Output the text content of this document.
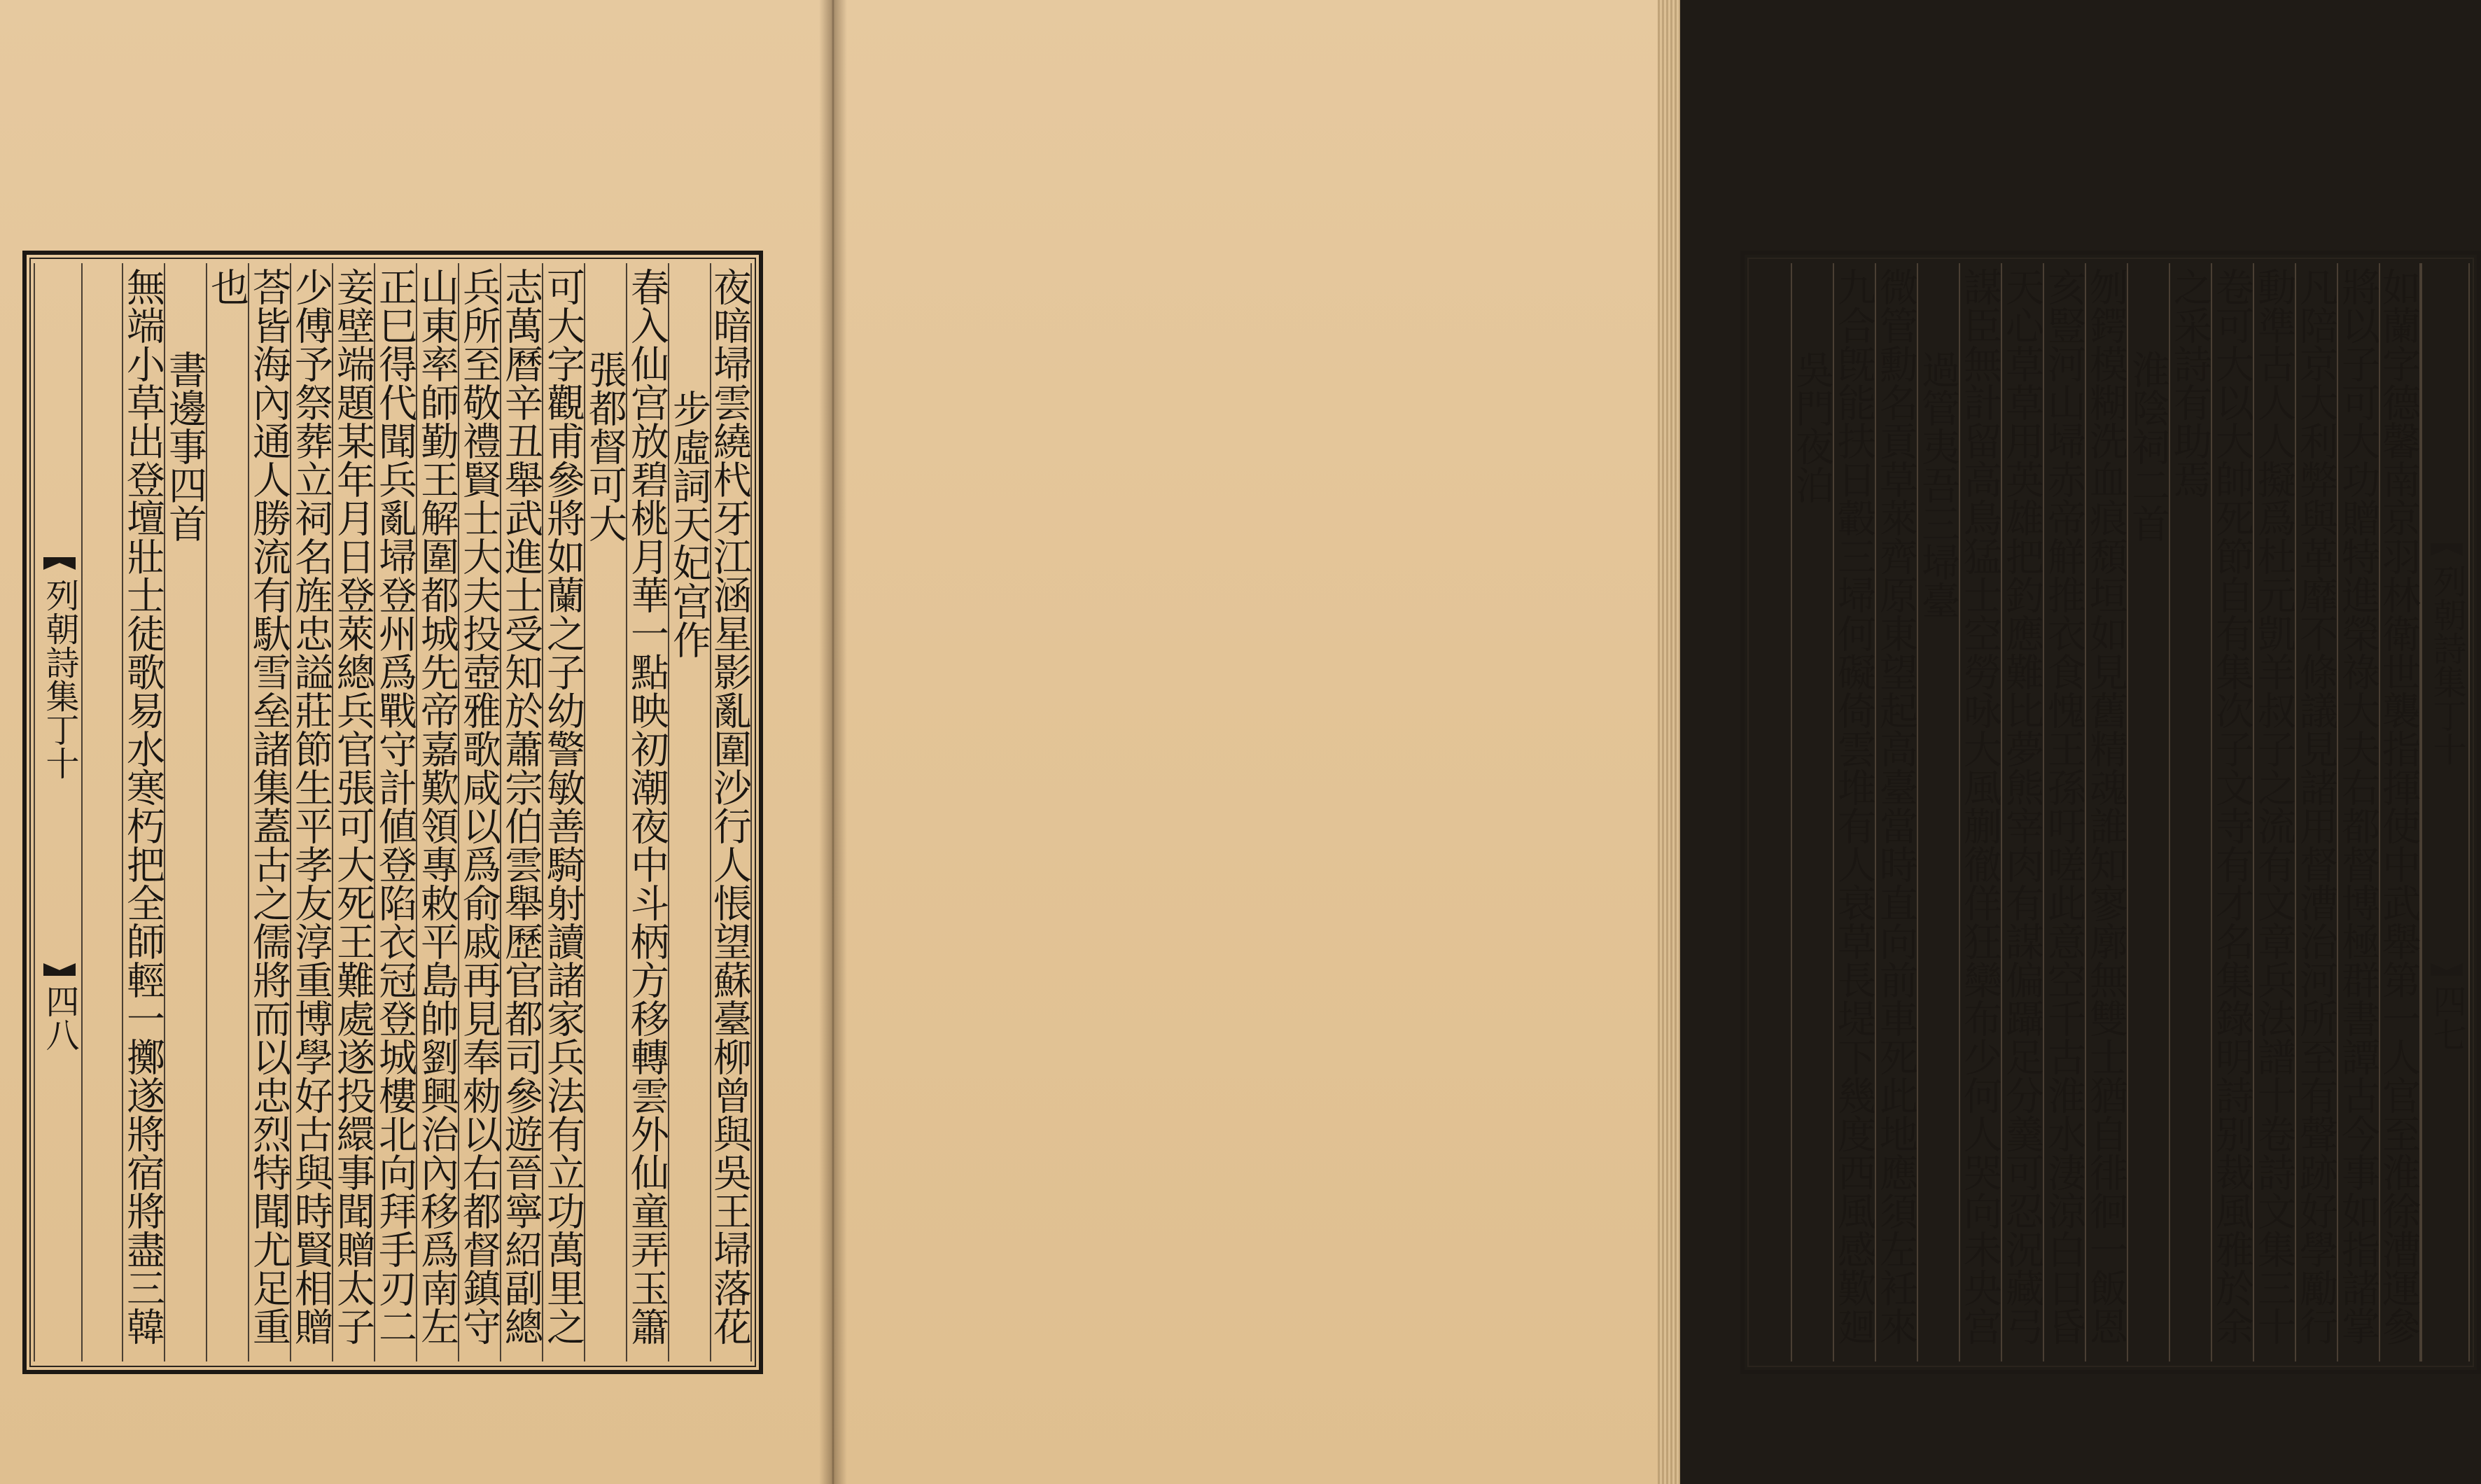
列朝詩集丁十
四八	夜暗埽雲繞杙牙江涵星影亂圍沙行人悵望蘇臺柳曾與吳王埽落花
步虛詞天妃宫作
春入仙宫放碧桃月華一點映初潮夜中斗柄方移轉雲外仙童弄玉簫
張都督可大
可大字觀甫參將如蘭之子幼警敏善騎射讀諸家兵法有立功萬里之
志萬曆辛丑舉武進士受知於蕭宗伯雲舉歷官都司參遊晉寧紹副總
兵所至敬禮賢士大夫投壺雅歌咸以爲俞戚再見奉勑以右都督鎮守
山東率師勤王解圍都城先帝嘉歎領專敕平島帥劉興治內移爲南左
正巳得代聞兵亂埽登州爲戰守計値登陷衣冠登城樓北向拜手刃二
妾壁端題某年月日登萊總兵官張可大死王難處遂投繯事聞贈太子
少傅予祭葬立祠名旌忠謚莊節生平孝友淳重博學好古與時賢相贈
荅皆海內通人勝流有馱雪垒諸集蓋古之儒將而以忠烈特聞尤足重
也
書邊事四首
無端小草出登壇壯士徒歌易水寒朽把全師輕一擲遂將宿將盡三韓	列朝詩集丁十
四七
如蘭字德馨南京羽林衛世襲指揮使中武舉第一人官至淮徐漕運參
將以子可大功贈特進榮祿大夫右都督博極群書譚古今事如指諸掌
凡陪京大利弊與革靡不條議見諸用督漕治河所至有聲跡好學勵行
動準古人人擬爲杜元凱羊叔子之流有文章兵法譜十卷詩文集三十
卷可大以大帥死節自有集次子文寺有才名集錄明詩别裁風雅於余
之采詩有助焉
淮陰祠二首
刎鍔模糊洗血痕頹垣如見舊精魂誰知寥廓無雙士猶自徘徊一飯恩
亥豎河山埽赤帝觧推衣食愧王孫吁嗟此意空千古淮水淒涼白日昏
天心草草用英雄把釣應難比夢熊宰肉有謀偏躡足分羹可忍況藏弓
謀臣無計留高鳥猛士空勞咏大風蒯徹佯狂欒布少何人哭向未央宫
過管夷吾三埽臺
微管勳名貢草萊齊原東望起高臺當時直向前車死此地應須左衽來
九合旣能扶日轂三埽何礙倚雲堆有人衰草長堤下幾度西風感歎廻
吳門夜泊
